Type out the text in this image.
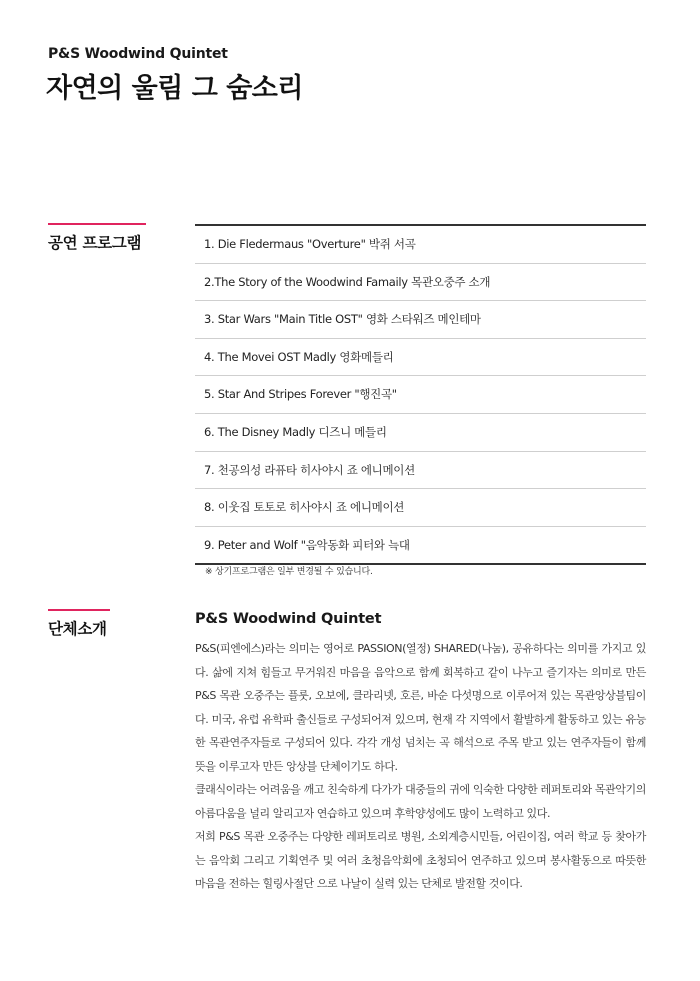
P&S Woodwind Quintet
자연의 울림 그 숨소리
공연 프로그램	1. Die Fledermaus "Overture" 박쥐 서곡
2.The Story of the Woodwind Famaily 목관오중주 소개
3. Star Wars "Main Title OST" 영화 스타워즈 메인테마
4. The Movei OST Madly 영화메들리
5. Star And Stripes Forever "행진곡"
6. The Disney Madly 디즈니 메들리
7. 천공의성 라퓨타 히사야시 죠 에니메이션
8. 이웃집 토토로 히사야시 죠 에니메이션
9. Peter and Wolf "음악동화 피터와 늑대
※ 상기프로그램은 일부 변경될 수 있습니다.
단체소개
P&S Woodwind Quintet

P&S(피엔에스)라는 의미는 영어로 PASSION(열정) SHARED(나눔), 공유하다는 의미를 가지고 있다. 삶에 지쳐 힘들고 무거워진 마음을 음악으로 함께 회복하고 같이 나누고 즐기자는 의미로 만든 P&S 목관 오중주는 플룻, 오보에, 클라리넷, 호른, 바순 다섯명으로 이루어져 있는 목관앙상블팀이다. 미국, 유럽 유학파 출신들로 구성되어져 있으며, 현재 각 지역에서 활발하게 활동하고 있는 유능한 목관연주자들로 구성되어 있다. 각각 개성 넘치는 곡 해석으로 주목 받고 있는 연주자들이 함께 뜻을 이루고자 만든 앙상블 단체이기도 하다.

클래식이라는 어려움을 깨고 친숙하게 다가가 대중들의 귀에 익숙한 다양한 레퍼토리와 목관악기의 아름다움을 널리 알리고자 연습하고 있으며 후학양성에도 많이 노력하고 있다.

저희 P&S 목관 오중주는 다양한 레퍼토리로 병원, 소외계층시민들, 어린이집, 여러 학교 등 찾아가는 음악회 그리고 기획연주 및 여러 초청음악회에 초청되어 연주하고 있으며 봉사활동으로 따뜻한 마음을 전하는 힐링사절단 으로 나날이 실력 있는 단체로 발전할 것이다.
